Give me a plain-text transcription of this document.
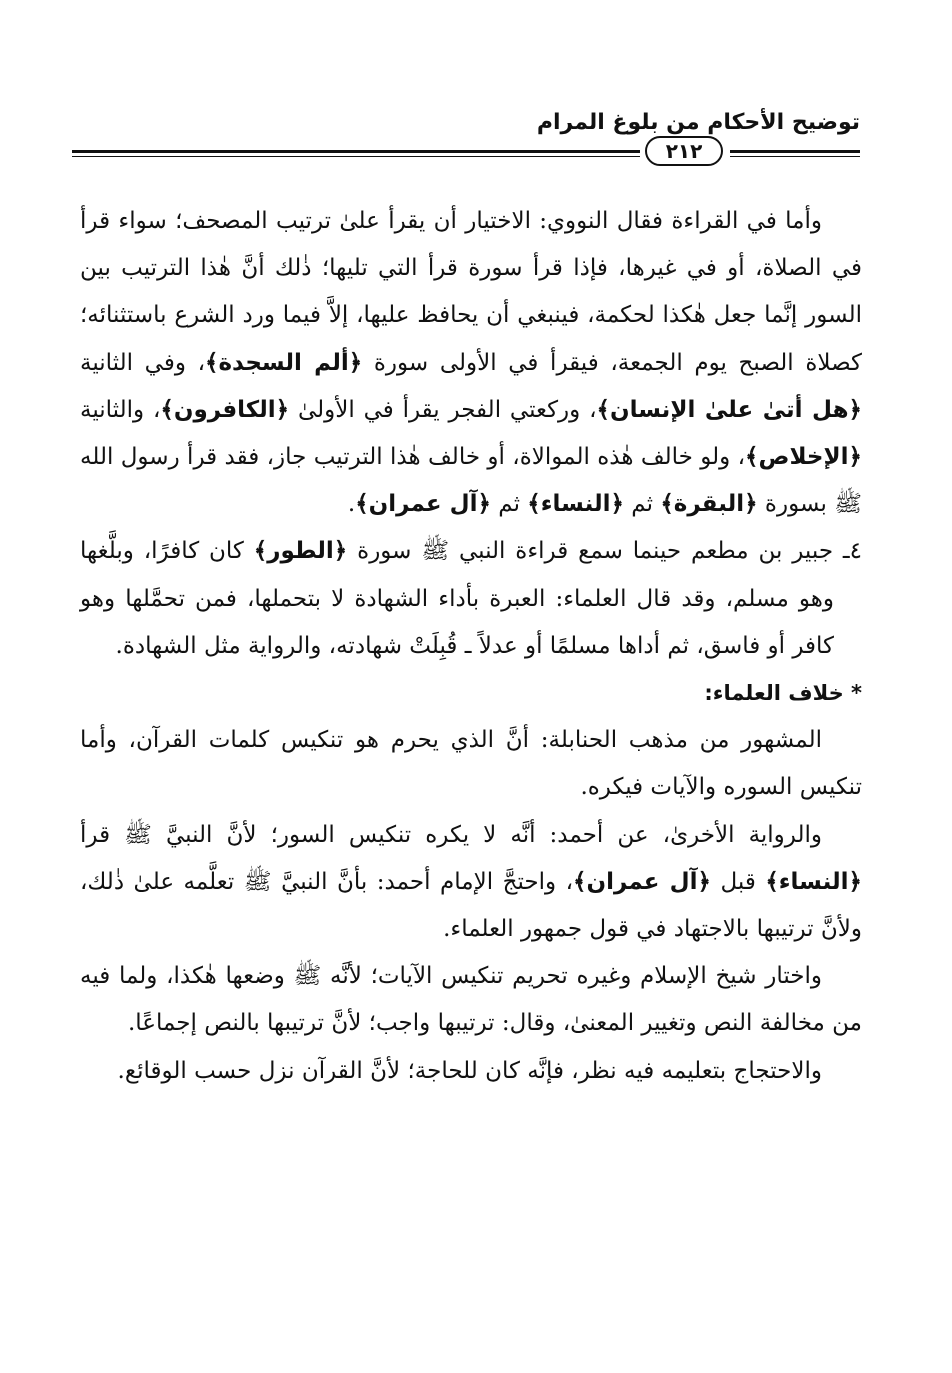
توضيح الأحكام من بلوغ المرام
٢١٢

وأما في القراءة فقال النووي: الاختيار أن يقرأ علىٰ ترتيب المصحف؛ سواء قرأ في الصلاة، أو في غيرها، فإذا قرأ سورة قرأ التي تليها؛ ذٰلك أنَّ هٰذا الترتيب بين السور إنَّما جعل هٰكذا لحكمة، فينبغي أن يحافظ عليها، إلاَّ فيما ورد الشرع باستثنائه؛ كصلاة الصبح يوم الجمعة، فيقرأ في الأولى سورة ﴿ألم السجدة﴾، وفي الثانية ﴿هل أتىٰ علىٰ الإنسان﴾، وركعتي الفجر يقرأ في الأولىٰ ﴿الكافرون﴾، والثانية ﴿الإخلاص﴾، ولو خالف هٰذه الموالاة، أو خالف هٰذا الترتيب جاز، فقد قرأ رسول الله ﷺ بسورة ﴿البقرة﴾ ثم ﴿النساء﴾ ثم ﴿آل عمران﴾.

٤ـ جبير بن مطعم حينما سمع قراءة النبي ﷺ سورة ﴿الطور﴾ كان كافرًا، وبلَّغها وهو مسلم، وقد قال العلماء: العبرة بأداء الشهادة لا بتحملها، فمن تحمَّلها وهو كافر أو فاسق، ثم أداها مسلمًا أو عدلاً ـ قُبِلَتْ شهادته، والرواية مثل الشهادة.

* خلاف العلماء:

المشهور من مذهب الحنابلة: أنَّ الذي يحرم هو تنكيس كلمات القرآن، وأما تنكيس السوره والآيات فيكره.

والرواية الأخرىٰ، عن أحمد: أنَّه لا يكره تنكيس السور؛ لأنَّ النبيَّ ﷺ قرأ ﴿النساء﴾ قبل ﴿آل عمران﴾، واحتجَّ الإمام أحمد: بأنَّ النبيَّ ﷺ تعلَّمه علىٰ ذٰلك، ولأنَّ ترتيبها بالاجتهاد في قول جمهور العلماء.

واختار شيخ الإسلام وغيره تحريم تنكيس الآيات؛ لأنَّه ﷺ وضعها هٰكذا، ولما فيه من مخالفة النص وتغيير المعنىٰ، وقال: ترتيبها واجب؛ لأنَّ ترتيبها بالنص إجماعًا.

والاحتجاج بتعليمه فيه نظر، فإنَّه كان للحاجة؛ لأنَّ القرآن نزل حسب الوقائع.
